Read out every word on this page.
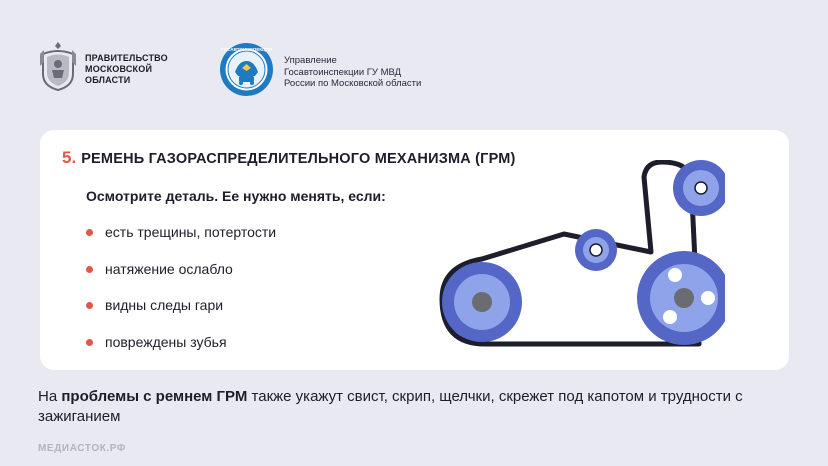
ПРАВИТЕЛЬСТВО
МОСКОВСКОЙ
ОБЛАСТИ
ГОСАВТОИНСПЕКЦИЯ
Управление
Госавтоинспекции ГУ МВД
России по Московской области
5. РЕМЕНЬ ГАЗОРАСПРЕДЕЛИТЕЛЬНОГО МЕХАНИЗМА (ГРМ)
Осмотрите деталь. Ее нужно менять, если:
есть трещины, потертости
натяжение ослабло
видны следы гари
повреждены зубья
На проблемы с ремнем ГРМ также укажут свист, скрип, щелчки, скрежет под капотом и трудности с зажиганием
МЕДИАСТОК.РФ
